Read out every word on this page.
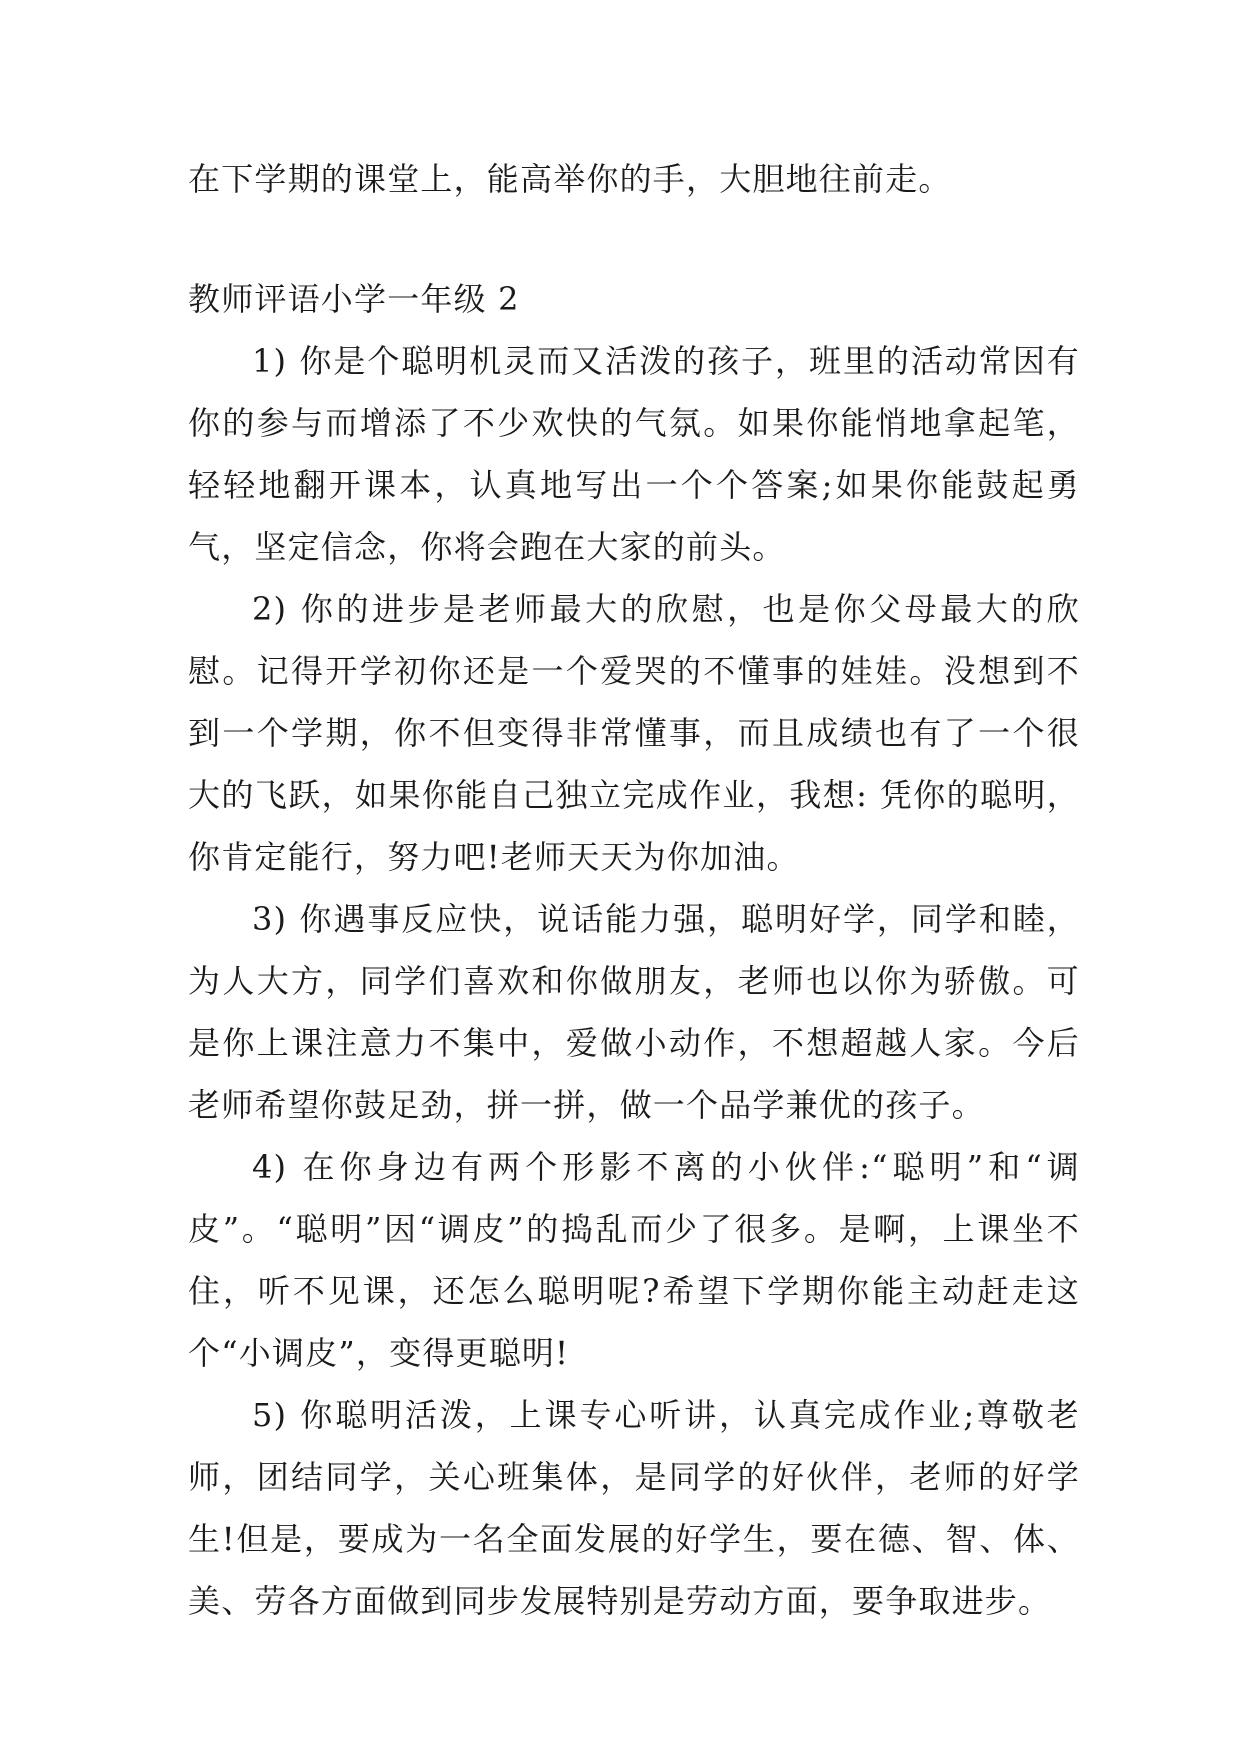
在下学期的课堂上，能高举你的手，大胆地往前走。

教师评语小学一年级 2

1) 你是个聪明机灵而又活泼的孩子，班里的活动常因有你的参与而增添了不少欢快的气氛。如果你能悄地拿起笔，轻轻地翻开课本，认真地写出一个个答案;如果你能鼓起勇气，坚定信念，你将会跑在大家的前头。

2) 你的进步是老师最大的欣慰，也是你父母最大的欣慰。记得开学初你还是一个爱哭的不懂事的娃娃。没想到不到一个学期，你不但变得非常懂事，而且成绩也有了一个很大的飞跃，如果你能自己独立完成作业，我想: 凭你的聪明，你肯定能行，努力吧!老师天天为你加油。

3) 你遇事反应快，说话能力强，聪明好学，同学和睦，为人大方，同学们喜欢和你做朋友，老师也以你为骄傲。可是你上课注意力不集中，爱做小动作，不想超越人家。今后老师希望你鼓足劲，拼一拼，做一个品学兼优的孩子。

4) 在你身边有两个形影不离的小伙伴:“聪明”和“调皮”。“聪明”因“调皮”的捣乱而少了很多。是啊，上课坐不住，听不见课，还怎么聪明呢?希望下学期你能主动赶走这个“小调皮”，变得更聪明!

5) 你聪明活泼，上课专心听讲，认真完成作业;尊敬老师，团结同学，关心班集体，是同学的好伙伴，老师的好学生!但是，要成为一名全面发展的好学生，要在德、智、体、美、劳各方面做到同步发展特别是劳动方面，要争取进步。
